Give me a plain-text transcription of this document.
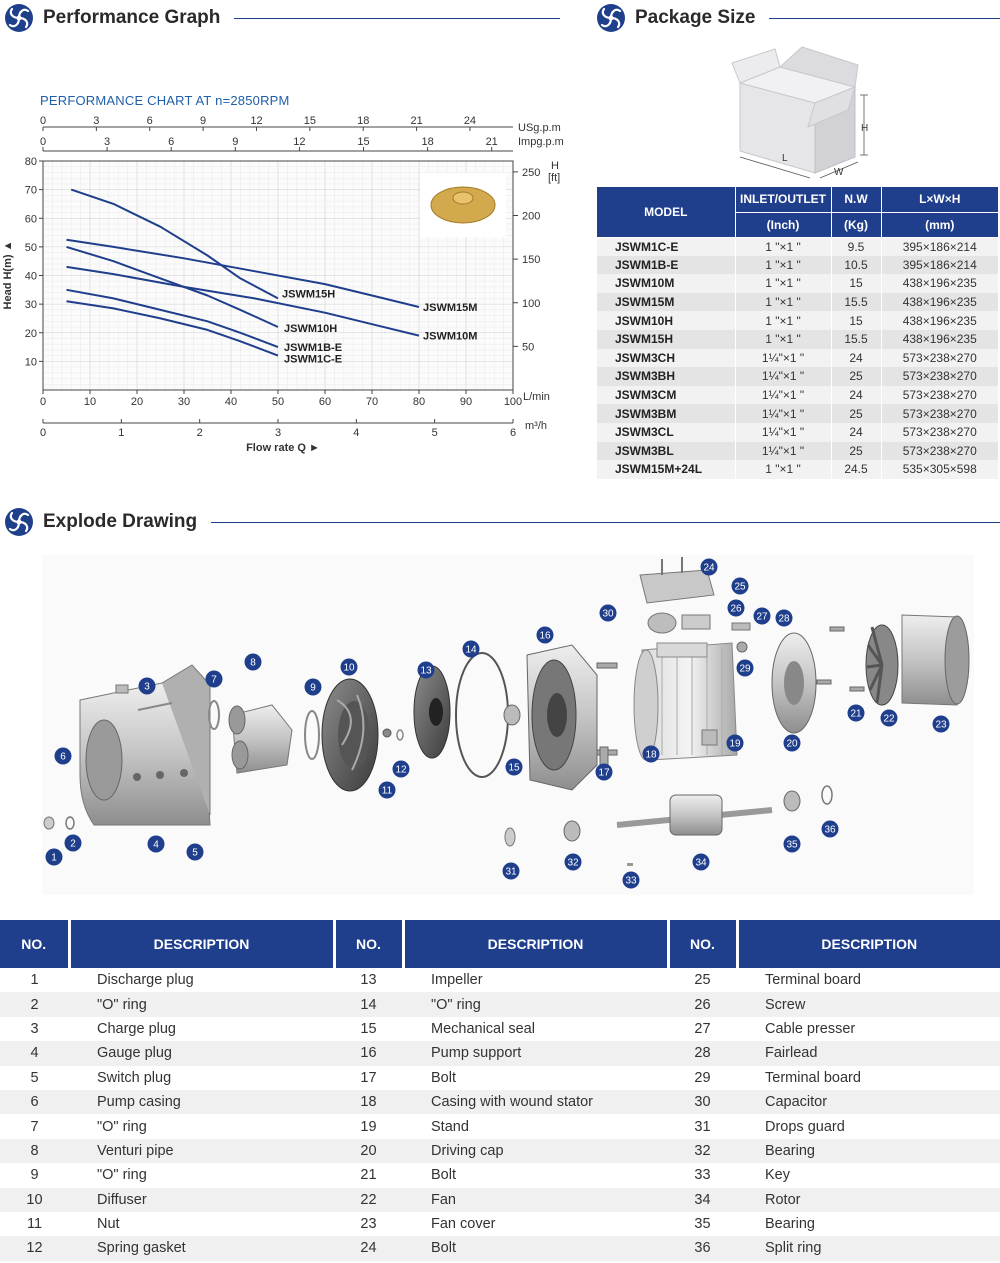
Performance Graph	Package Size
Explode Drawing
PERFORMANCE CHART AT n=2850RPM
10
20
30
40
50
60
70
80
50
100
150
200
250
H
[ft]
0	10	20	30	40	50	60	70	80	90	100 L/min
0	1	2	3	4	5	6
m³/h
0	3	6	9	12	15	18	21	24
USg.p.m
0	3	6	9	12	15	18	21 Impg.p.m
Flow rate Q ►
Head H(m) ▲	JSWM15H
JSWM15M
JSWM10H
JSWM10M
JSWM1B-E
JSWM1C-E
H
L
W
MODEL	INLET/OUTLET	N.W	L×W×H
	(Inch)	(Kg)	(mm)
JSWM1C-E	1 "×1 "	9.5	395×186×214
JSWM1B-E	1 "×1 "	10.5	395×186×214
JSWM10M	1 "×1 "	15	438×196×235
JSWM15M	1 "×1 "	15.5	438×196×235
JSWM10H	1 "×1 "	15	438×196×235
JSWM15H	1 "×1 "	15.5	438×196×235
JSWM3CH	1¼"×1 "	24	573×238×270
JSWM3BH	1¼"×1 "	25	573×238×270
JSWM3CM	1¼"×1 "	24	573×238×270
JSWM3BM	1¼"×1 "	25	573×238×270
JSWM3CL	1¼"×1 "	24	573×238×270
JSWM3BL	1¼"×1 "	25	573×238×270
JSWM15M+24L	1 "×1 "	24.5	535×305×598
1
2
3
4
5
6
7
8
9
10
11
12
13
14
15
16
17
18
19	20
21 22
23
24
25
26
27 28
29
30
31
32
33
34
35
36
NO.	DESCRIPTION	NO.	DESCRIPTION	NO.	DESCRIPTION
1	Discharge plug	13	Impeller	25	Terminal board
2	"O" ring	14	"O" ring	26	Screw
3	Charge plug	15	Mechanical seal	27	Cable presser
4	Gauge plug	16	Pump support	28	Fairlead
5	Switch plug	17	Bolt	29	Terminal board
6	Pump casing	18	Casing with wound stator	30	Capacitor
7	"O" ring	19	Stand	31	Drops guard
8	Venturi pipe	20	Driving cap	32	Bearing
9	"O" ring	21	Bolt	33	Key
10	Diffuser	22	Fan	34	Rotor
11	Nut	23	Fan cover	35	Bearing
12	Spring gasket	24	Bolt	36	Split ring
